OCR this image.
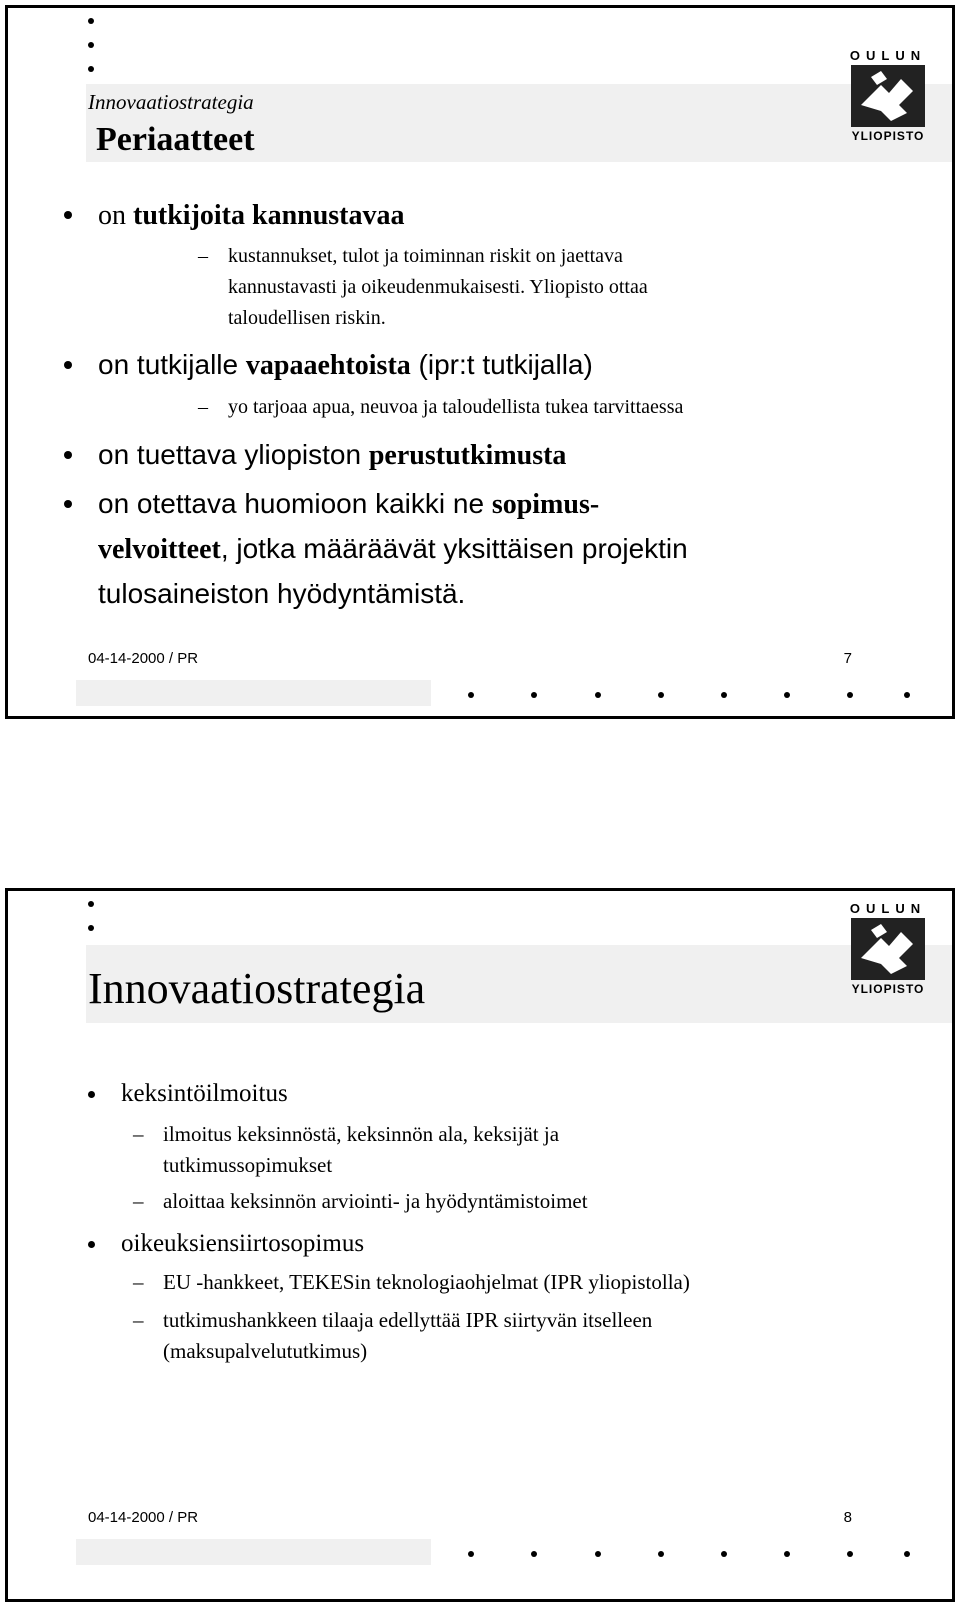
OULUN
YLIOPISTO
Innovaatiostrategia
Periaatteet
on tutkijoita kannustavaa
– kustannukset, tulot ja toiminnan riskit on jaettava
kannustavasti ja oikeudenmukaisesti. Yliopisto ottaa
taloudellisen riskin.
on tutkijalle vapaaehtoista (ipr:t tutkijalla)
– yo tarjoaa apua, neuvoa ja taloudellista tukea tarvittaessa
on tuettava yliopiston perustutkimusta
on otettava huomioon kaikki ne sopimus-
velvoitteet, jotka määräävät yksittäisen projektin
tulosaineiston hyödyntämistä.
04-14-2000 / PR	7
OULUN
YLIOPISTO
Innovaatiostrategia
keksintöilmoitus
– ilmoitus keksinnöstä, keksinnön ala, keksijät ja
tutkimussopimukset
– aloittaa keksinnön arviointi- ja hyödyntämistoimet
oikeuksiensiirtosopimus
– EU -hankkeet, TEKESin teknologiaohjelmat (IPR yliopistolla)
– tutkimushankkeen tilaaja edellyttää IPR siirtyvän itselleen
(maksupalvelututkimus)
04-14-2000 / PR	8
